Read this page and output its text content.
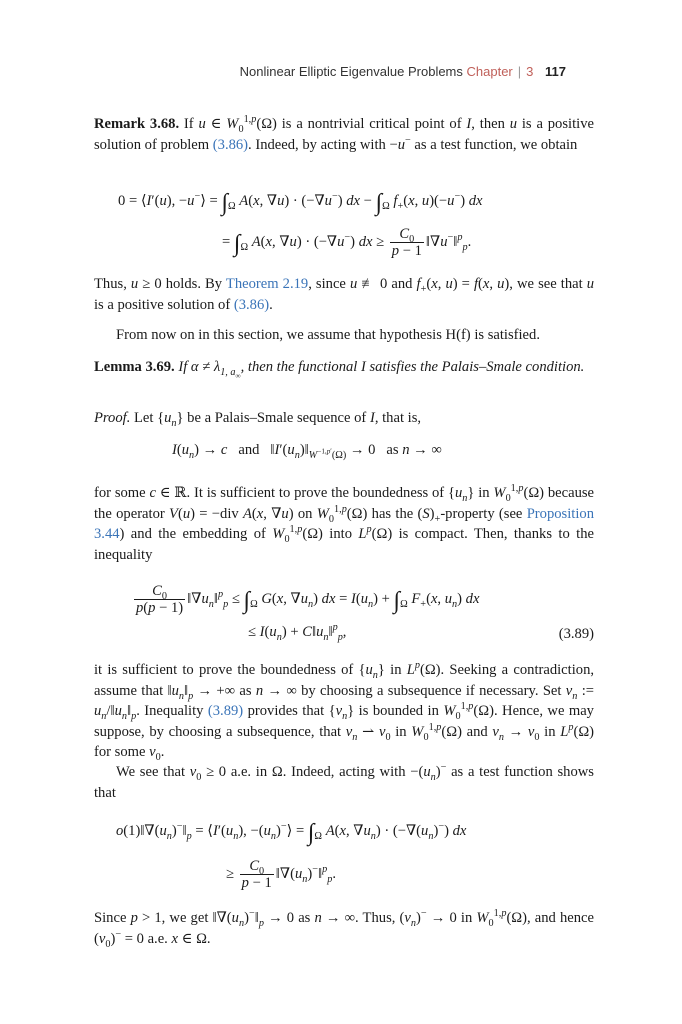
Nonlinear Elliptic Eigenvalue Problems Chapter | 3 117
Remark 3.68. If u ∈ $W_0^{1,p}(\Omega)$ is a nontrivial critical point of I, then u is a positive solution of problem (3.86). Indeed, by acting with −u− as a test function, we obtain
0 = ⟨I′(u), −u−⟩ = $\int_\Omega$ A(x, ∇u) · (−∇u−) dx − $\int_\Omega$ $f_+(x$, u)(−u−) dx
= $\int_\Omega$ A(x, ∇u) · (−∇u−) dx ≥ $\frac{C_0}{p - 1}$ ‖∇u−‖$^p_p$.
Thus, u ≥ 0 holds. By Theorem 2.19, since u ≢ 0 and $f_+(x$, u) = f(x, u), we see that u is a positive solution of (3.86).
From now on in this section, we assume that hypothesis H(f) is satisfied.
Lemma 3.69. If $\alpha \ne \lambda_{1, a_\infty}$, then the functional I satisfies the Palais–Smale condition.
Proof. Let $\{u_n\}$ be a Palais–Smale sequence of I, that is,
$I(u_n) \to c$   and   $‖I'(u_n)‖_{W^{-1,p'}(\Omega)} \to 0$   as n → ∞
for some c ∈ ℝ. It is sufficient to prove the boundedness of $\{u_n\}$ in $W_0^{1,p}(\Omega)$ because the operator V(u) = −div A(x, ∇u) on $W_0^{1,p}(\Omega)$ has the $(S)_+$-property (see Proposition 3.44) and the embedding of $W_0^{1,p}(\Omega)$ into $L^p(\Omega)$ is compact. Then, thanks to the inequality
$\frac{C_0}{p(p - 1)}$ $‖\nabla u_n‖^p_p \le \int_\Omega$ G(x, $\nabla u_n$) dx = $I(u_n) + \int_\Omega$ $F_+(x$, $u_n$) dx
≤ $I(u_n)$ + $C‖u_n‖^p_p$,	(3.89)
it is sufficient to prove the boundedness of $\{u_n\}$ in $L^p(\Omega)$. Seeking a contradiction, assume that $‖u_n‖_p$ → +∞ as n → ∞ by choosing a subsequence if necessary. Set $v_n$ := $u_n/‖u_n‖_p$. Inequality (3.89) provides that $\{v_n\}$ is bounded in $W_0^{1,p}(\Omega)$. Hence, we may suppose, by choosing a subsequence, that $v_n$ ⇀ $v_0$ in $W_0^{1,p}(\Omega)$ and $v_n \to v_0$ in $L^p(\Omega)$ for some $v_0$.
We see that $v_0 \ge 0$ a.e. in Ω. Indeed, acting with $-(u_n)^-$ as a test function shows that
$o(1)‖\nabla(u_n)^-‖_p$ = $⟨I'(u_n)$, $-(u_n)^-⟩ = \int_\Omega$ A(x, $\nabla u_n) \cdot (-\nabla(u_n)^-)$ dx
≥ $\frac{C_0}{p - 1}$ $‖\nabla(u_n)^-‖^p_p$.
Since p > 1, we get $‖\nabla(u_n)^-‖_p \to 0$ as n → ∞. Thus, $(v_n)^- \to 0$ in $W_0^{1,p}(\Omega)$, and hence $(v_0)^- = 0$ a.e. x ∈ Ω.
